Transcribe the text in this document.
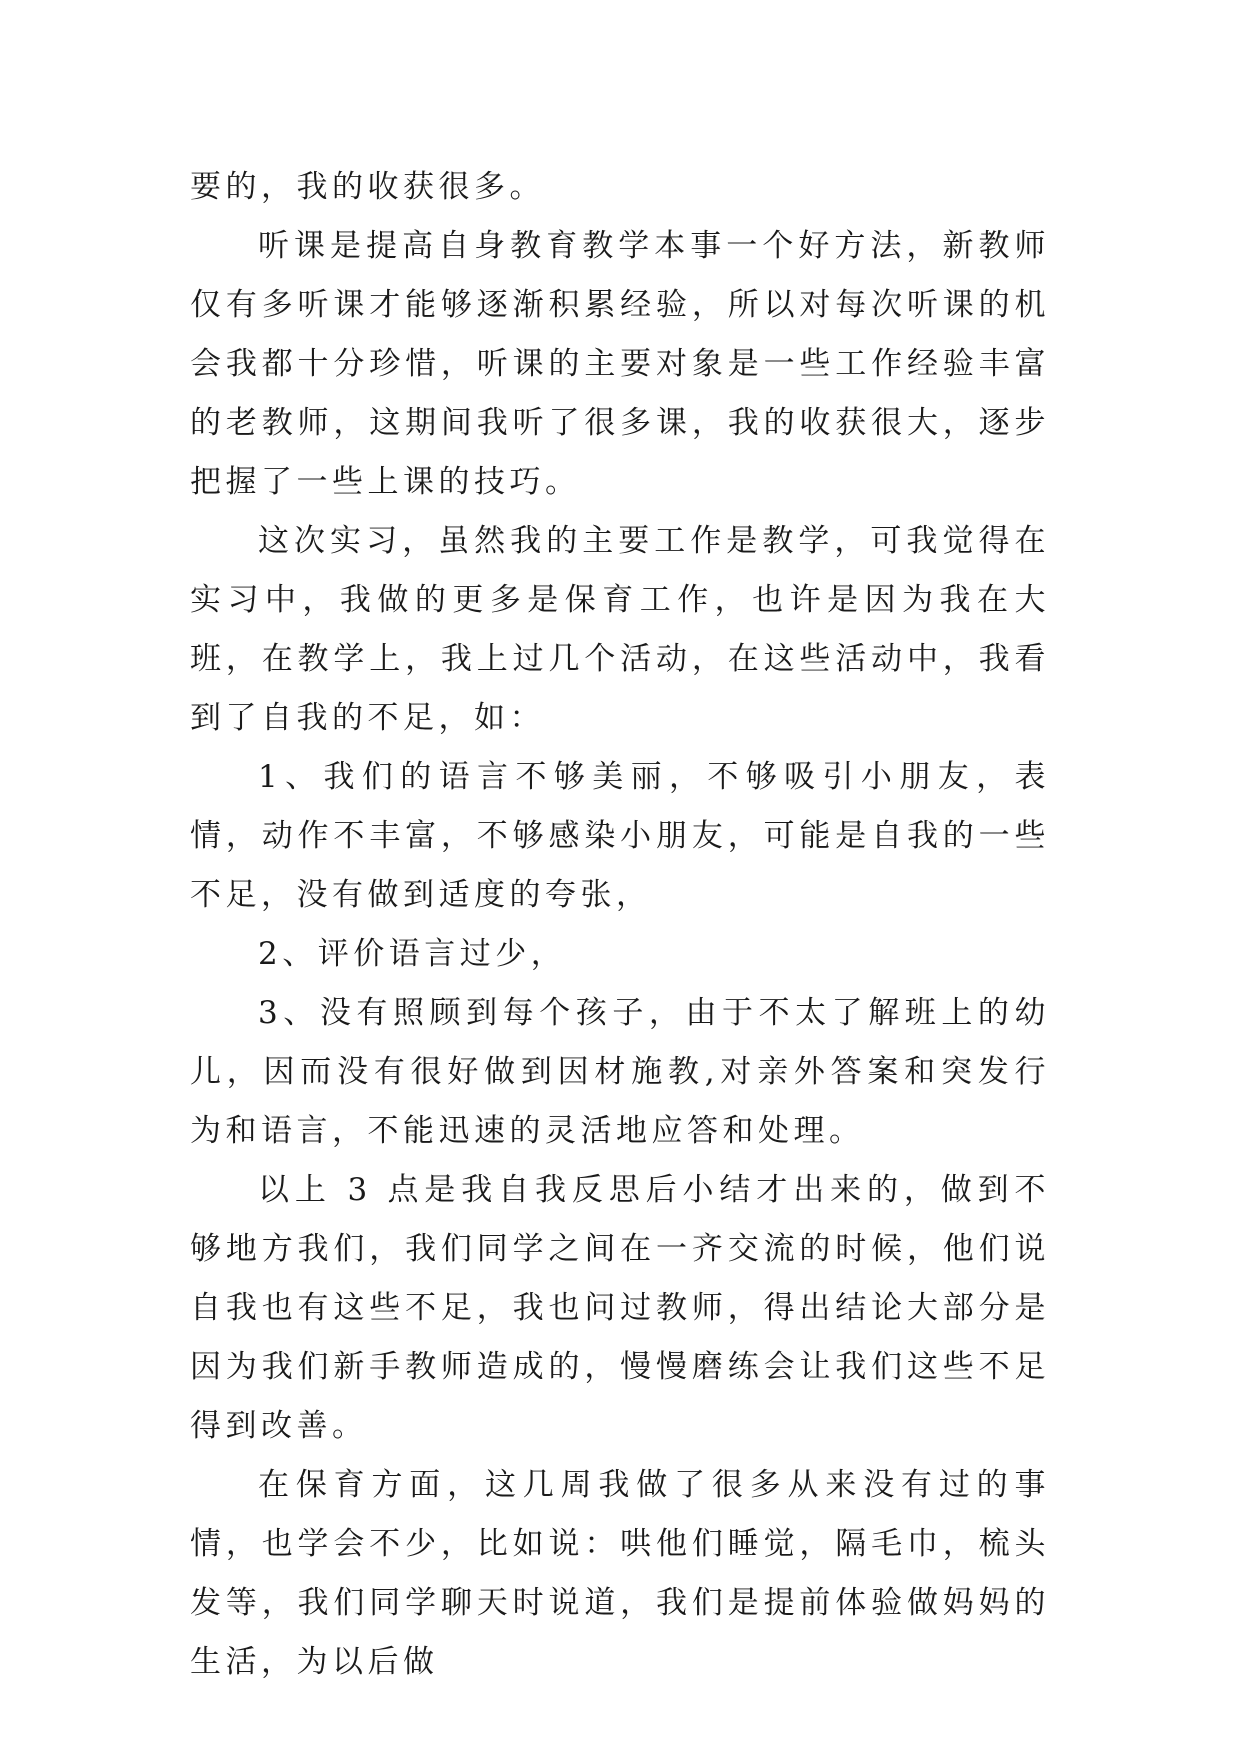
要的，我的收获很多。

听课是提高自身教育教学本事一个好方法，新教师仅有多听课才能够逐渐积累经验，所以对每次听课的机会我都十分珍惜，听课的主要对象是一些工作经验丰富的老教师，这期间我听了很多课，我的收获很大，逐步把握了一些上课的技巧。

这次实习，虽然我的主要工作是教学，可我觉得在实习中，我做的更多是保育工作，也许是因为我在大班，在教学上，我上过几个活动，在这些活动中，我看到了自我的不足，如：

1、我们的语言不够美丽，不够吸引小朋友，表情，动作不丰富，不够感染小朋友，可能是自我的一些不足，没有做到适度的夸张，

2、评价语言过少，

3、没有照顾到每个孩子，由于不太了解班上的幼儿，因而没有很好做到因材施教,对亲外答案和突发行为和语言，不能迅速的灵活地应答和处理。

以上 3 点是我自我反思后小结才出来的，做到不够地方我们，我们同学之间在一齐交流的时候，他们说自我也有这些不足，我也问过教师，得出结论大部分是因为我们新手教师造成的，慢慢磨练会让我们这些不足得到改善。

在保育方面，这几周我做了很多从来没有过的事情，也学会不少，比如说：哄他们睡觉，隔毛巾，梳头发等，我们同学聊天时说道，我们是提前体验做妈妈的生活，为以后做
